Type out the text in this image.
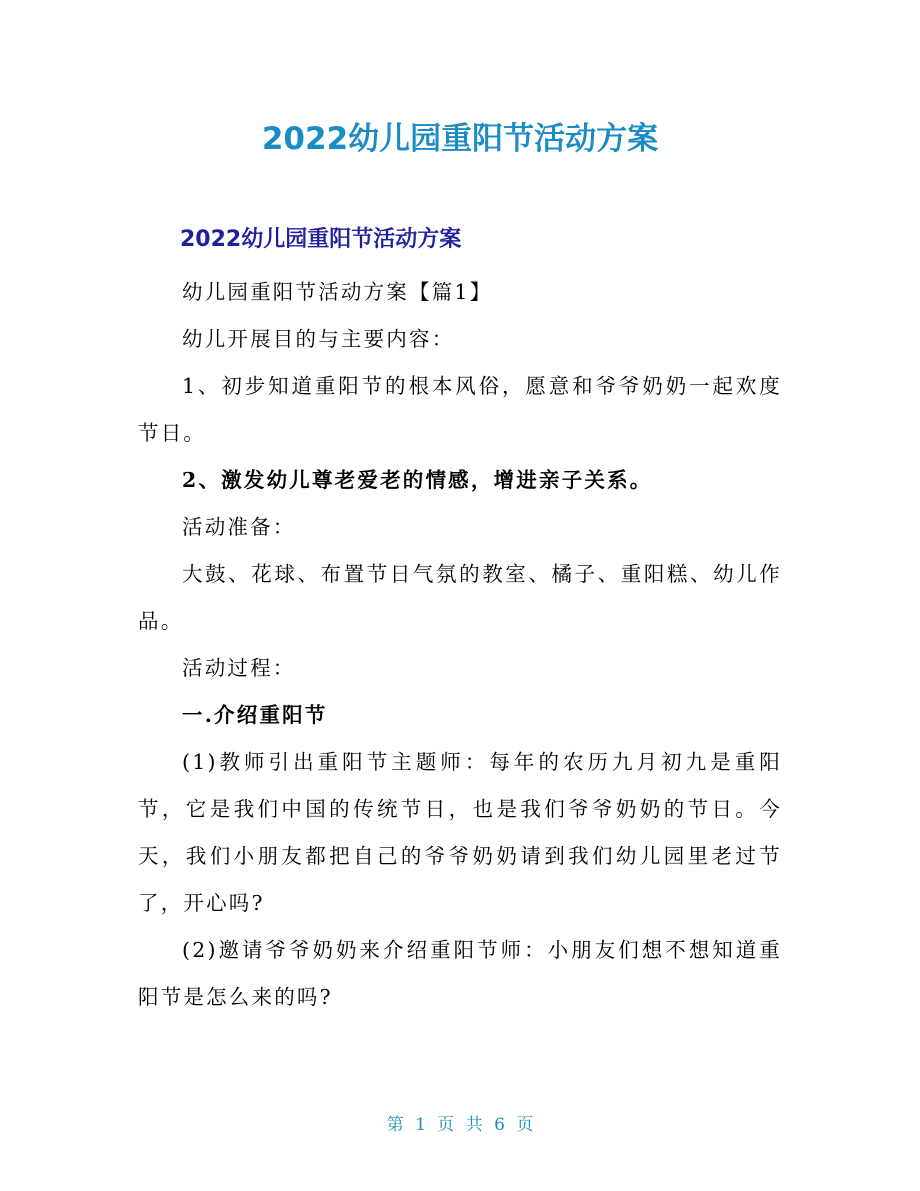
2022幼儿园重阳节活动方案
2022幼儿园重阳节活动方案

幼儿园重阳节活动方案【篇1】

幼儿开展目的与主要内容：

1、初步知道重阳节的根本风俗，愿意和爷爷奶奶一起欢度节日。

2、激发幼儿尊老爱老的情感，增进亲子关系。

活动准备：

大鼓、花球、布置节日气氛的教室、橘子、重阳糕、幼儿作品。

活动过程：

一.介绍重阳节

(1)教师引出重阳节主题师：每年的农历九月初九是重阳节，它是我们中国的传统节日，也是我们爷爷奶奶的节日。今天，我们小朋友都把自己的爷爷奶奶请到我们幼儿园里老过节了，开心吗?

(2)邀请爷爷奶奶来介绍重阳节师：小朋友们想不想知道重阳节是怎么来的吗?

第 1 页 共 6 页
